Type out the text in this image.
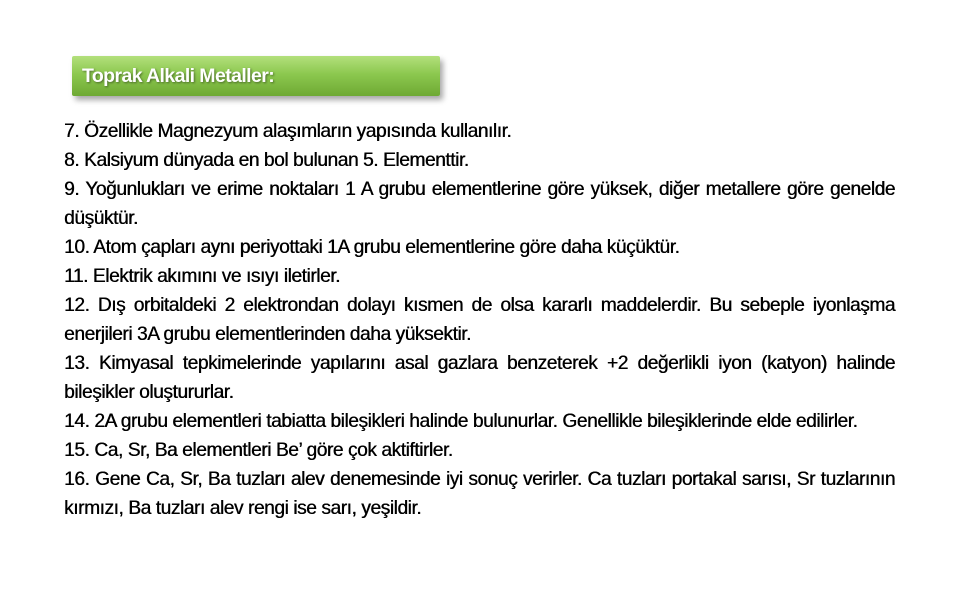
Toprak Alkali Metaller:
7. Özellikle Magnezyum alaşımların yapısında kullanılır.
8. Kalsiyum dünyada en bol bulunan 5. Elementtir.
9. Yoğunlukları ve erime noktaları 1 A grubu elementlerine göre yüksek, diğer metallere göre genelde düşüktür.
10. Atom çapları aynı periyottaki 1A grubu elementlerine göre daha küçüktür.
11. Elektrik akımını ve ısıyı iletirler.
12. Dış orbitaldeki 2 elektrondan dolayı kısmen de olsa kararlı maddelerdir. Bu sebeple iyonlaşma enerjileri 3A grubu elementlerinden daha yüksektir.
13. Kimyasal tepkimelerinde yapılarını asal gazlara benzeterek +2 değerlikli iyon (katyon) halinde bileşikler oluştururlar.
14. 2A grubu elementleri tabiatta bileşikleri halinde bulunurlar. Genellikle bileşiklerinde elde edilirler.
15. Ca, Sr, Ba elementleri Be’ göre çok aktiftirler.
16. Gene Ca, Sr, Ba tuzları alev denemesinde iyi sonuç verirler. Ca tuzları portakal sarısı, Sr tuzlarının kırmızı, Ba tuzları alev rengi ise sarı, yeşildir.
